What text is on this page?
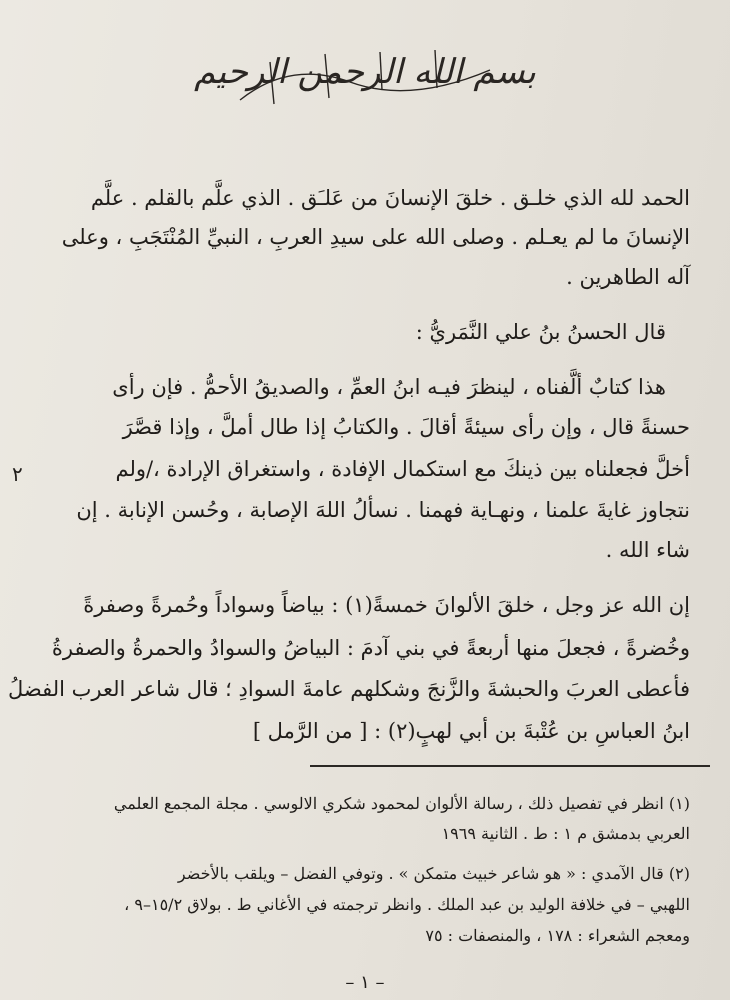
بسم الله الرحمن الرحيم
الحمد لله الذي خلـق . خلقَ الإنسانَ من عَلـَق . الذي علَّم بالقلم . علَّم
الإنسانَ ما لم يعـلم . وصلى الله على سيدِ العربِ ، النبيِّ المُنْتَجَبِ ، وعلى
آله الطاهرين .
قال الحسنُ بنُ علي النَّمَريُّ :
هذا كتابٌ ألَّفناه ، لينظرَ فيـه ابنُ العمِّ ، والصديقُ الأحمُّ . فإن رأى
حسنةً قال ، وإن رأى سيئةً أقالَ . والكتابُ إذا طال أملَّ ، وإذا قصَّرَ
أخلَّ فجعلناه بين ذينكَ مع استكمال الإفادة ، واستغراق الإرادة ،/ولم
نتجاوز غايةَ علمنا ، ونهـاية فهمنا . نسألُ اللهَ الإصابة ، وحُسن الإنابة . إن
شاء الله .
٢
إن الله عز وجل ، خلقَ الألوانَ خمسةً(١) : بياضاً وسواداً وحُمرةً وصفرةً
وخُضرةً ، فجعلَ منها أربعةً في بني آدمَ : البياضُ والسوادُ والحمرةُ والصفرةُ
فأعطى العربَ والحبشةَ والزَّنجَ وشكلهم عامةَ السوادِ ؛ قال شاعر العرب الفضلُ
ابنُ العباسِ بن عُتْبةَ بن أبي لهبٍ(٢) : [ من الرَّمل ]
(١) انظر في تفصيل ذلك ، رسالة الألوان لمحمود شكري الالوسي . مجلة المجمع العلمي
العربي بدمشق م ١ : ط . الثانية ١٩٦٩
(٢) قال الآمدي : « هو شاعر خبيث متمكن » . وتوفي الفضل – ويلقب بالأخضر
اللهبي – في خلافة الوليد بن عبد الملك . وانظر ترجمته في الأغاني ط . بولاق ١٥/٢–٩ ،
ومعجم الشعراء : ١٧٨ ، والمنصفات : ٧٥
– ١ –
